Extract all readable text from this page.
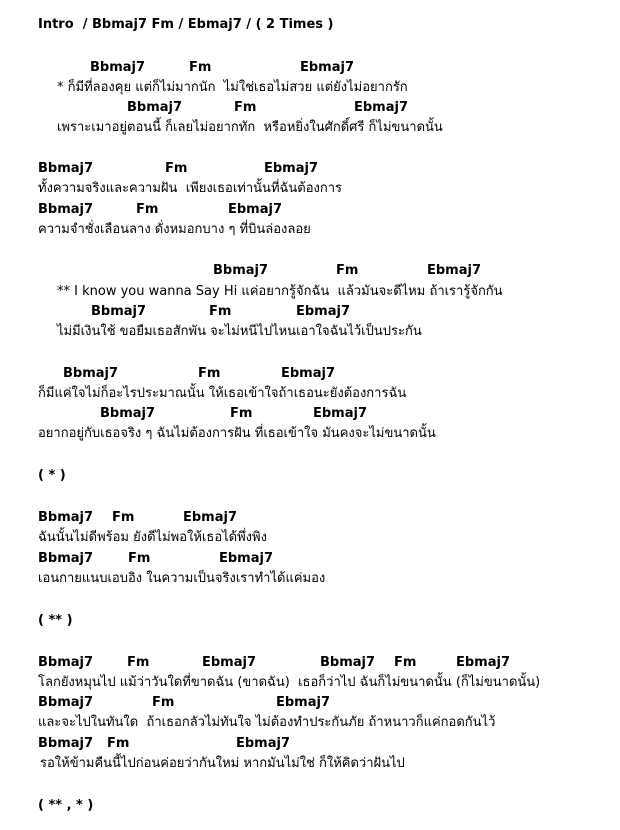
Intro  / Bbmaj7 Fm / Ebmaj7 / ( 2 Times )
Bbmaj7	Fm	Ebmaj7
* ก็มีที่ลองคุย แต่ก็ไม่มากนัก  ไม่ใช่เธอไม่สวย แต่ยังไม่อยากรัก
Bbmaj7	Fm	Ebmaj7
เพราะเมาอยู่ตอนนี้ ก็เลยไม่อยากทัก  หรือหยิ่งในศักดิ์ศรี ก็ไม่ขนาดนั้น
Bbmaj7	Fm	Ebmaj7
ทั้งความจริงและความฝัน  เพียงเธอเท่านั้นที่ฉันต้องการ
Bbmaj7	Fm	Ebmaj7
ความจำชั่งเลือนลาง ดั่งหมอกบาง ๆ ที่บินล่องลอย
Bbmaj7	Fm	Ebmaj7
** I know you wanna Say Hi แค่อยากรู้จักฉัน  แล้วมันจะดีไหม ถ้าเรารู้จักกัน
Bbmaj7	Fm	Ebmaj7
ไม่มีเงินใช้ ขอยืมเธอสักพัน จะไม่หนีไปไหนเอาใจฉันไว้เป็นประกัน
Bbmaj7	Fm	Ebmaj7
ก็มีแค่ใจไม่ก็อะไรประมาณนั้น ให้เธอเข้าใจถ้าเธอนะยังต้องการฉัน
Bbmaj7	Fm	Ebmaj7
อยากอยู่กับเธอจริง ๆ ฉันไม่ต้องการฝัน ที่เธอเข้าใจ มันคงจะไม่ขนาดนั้น
( * )
Bbmaj7 Fm	Ebmaj7
ฉันนั้นไม่ดีพร้อม ยังดีไม่พอให้เธอได้พึ่งพิง
Bbmaj7	Fm	Ebmaj7
เอนกายแนบเอบอิง ในความเป็นจริงเราทำได้แค่มอง
( ** )
Bbmaj7	Fm	Ebmaj7	Bbmaj7 Fm	Ebmaj7
โลกยังหมุนไป แม้ว่าวันใดที่ขาดฉัน (ขาดฉัน)  เธอก็ว่าไป ฉันก็ไม่ขนาดนั้น (ก็ไม่ขนาดนั้น)
Bbmaj7	Fm	Ebmaj7
และจะไปในทันใด  ถ้าเธอกลัวไม่ทันใจ ไม่ต้องทำประกันภัย ถ้าหนาวก็แค่กอดกันไว้
Bbmaj7 Fm	Ebmaj7
รอให้ข้ามคืนนี้ไปก่อนค่อยว่ากันใหม่ หากมันไม่ใช่ ก็ให้คิดว่าฝันไป
( ** , * )
